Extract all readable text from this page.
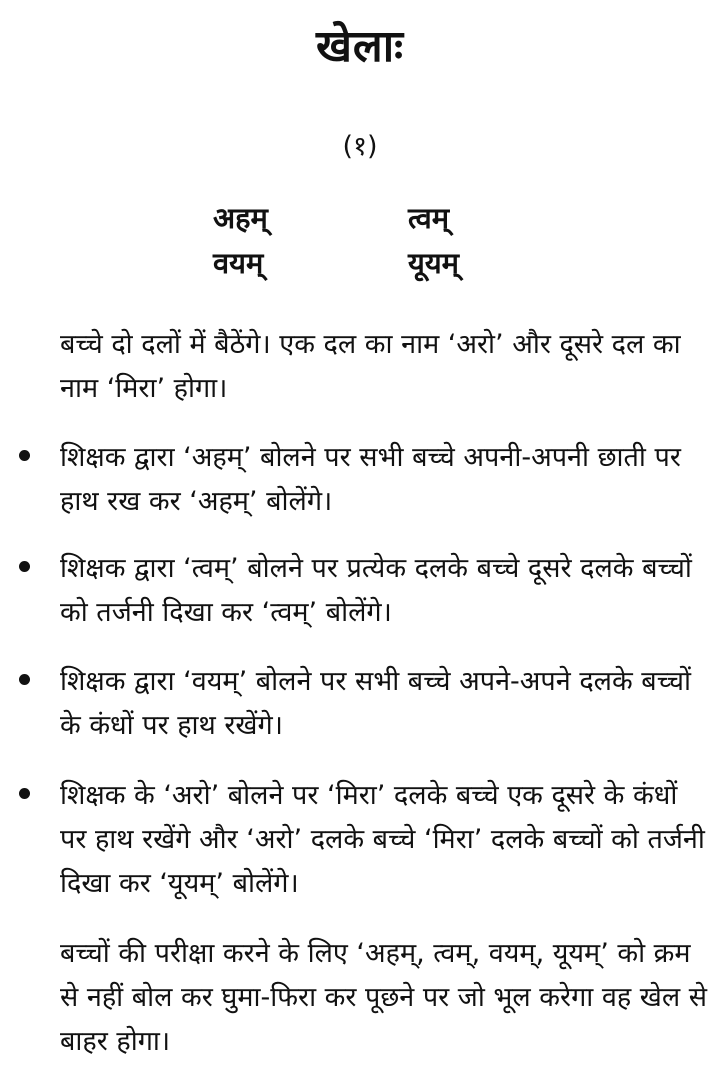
खेलाः
(१)
अहम्	त्वम्
वयम्	यूयम्
बच्चे दो दलों में बैठेंगे। एक दल का नाम ‘अरो’ और दूसरे दल का नाम ‘मिरा’ होगा।
शिक्षक द्वारा ‘अहम्’ बोलने पर सभी बच्चे अपनी-अपनी छाती पर हाथ रख कर ‘अहम्’ बोलेंगे।
शिक्षक द्वारा ‘त्वम्’ बोलने पर प्रत्येक दलके बच्चे दूसरे दलके बच्चों को तर्जनी दिखा कर ‘त्वम्’ बोलेंगे।
शिक्षक द्वारा ‘वयम्’ बोलने पर सभी बच्चे अपने-अपने दलके बच्चों के कंधों पर हाथ रखेंगे।
शिक्षक के ‘अरो’ बोलने पर ‘मिरा’ दलके बच्चे एक दूसरे के कंधों पर हाथ रखेंगे और ‘अरो’ दलके बच्चे ‘मिरा’ दलके बच्चों को तर्जनी दिखा कर ‘यूयम्’ बोलेंगे।
बच्चों की परीक्षा करने के लिए ‘अहम्, त्वम्, वयम्, यूयम्’ को क्रम से नहीं बोल कर घुमा-फिरा कर पूछने पर जो भूल करेगा वह खेल से बाहर होगा।
